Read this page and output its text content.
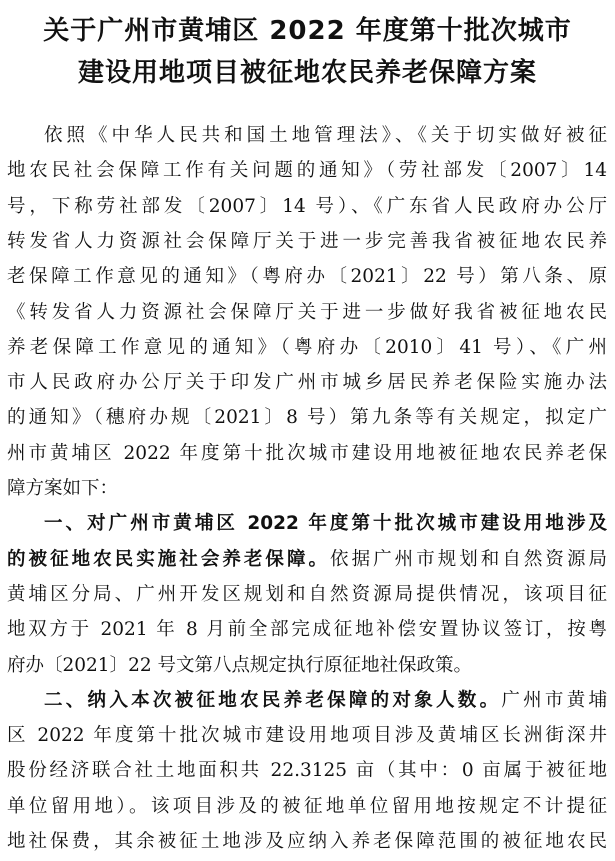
关于广州市黄埔区 2022 年度第十批次城市
建设用地项目被征地农民养老保障方案
依照《中华人民共和国土地管理法》、《关于切实做好被征
地农民社会保障工作有关问题的通知》（劳社部发〔2007〕14
号，下称劳社部发〔2007〕14 号）、《广东省人民政府办公厅
转发省人力资源社会保障厅关于进一步完善我省被征地农民养
老保障工作意见的通知》（粤府办〔2021〕22 号）第八条、原
《转发省人力资源社会保障厅关于进一步做好我省被征地农民
养老保障工作意见的通知》（粤府办〔2010〕41 号）、《广州
市人民政府办公厅关于印发广州市城乡居民养老保险实施办法
的通知》（穗府办规〔2021〕8 号）第九条等有关规定，拟定广
州市黄埔区 2022 年度第十批次城市建设用地被征地农民养老保
障方案如下：
一、对广州市黄埔区 2022 年度第十批次城市建设用地涉及
的被征地农民实施社会养老保障。依据广州市规划和自然资源局
黄埔区分局、广州开发区规划和自然资源局提供情况，该项目征
地双方于 2021 年 8 月前全部完成征地补偿安置协议签订，按粤
府办〔2021〕22 号文第八点规定执行原征地社保政策。
二、纳入本次被征地农民养老保障的对象人数。广州市黄埔
区 2022 年度第十批次城市建设用地项目涉及黄埔区长洲街深井
股份经济联合社土地面积共 22.3125 亩（其中：0 亩属于被征地
单位留用地）。该项目涉及的被征地单位留用地按规定不计提征
地社保费，其余被征土地涉及应纳入养老保障范围的被征地农民
